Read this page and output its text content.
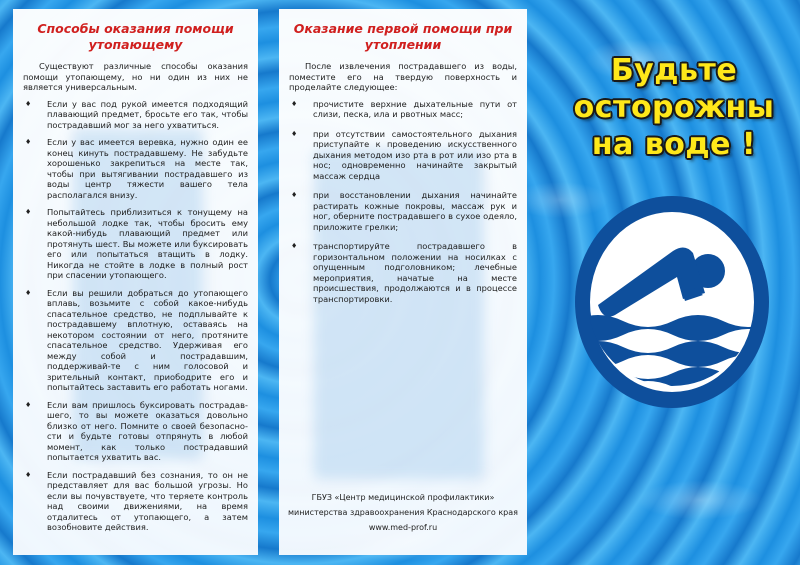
Способы оказания помощи
утопающему
Существуют различные способы оказания помощи утопающему, но ни один из них не является универсальным.
♦ Если у вас под рукой имеется подходящий плавающий предмет, бросьте его так, чтобы пострадавший мог за него ухватиться.
♦ Если у вас имеется веревка, нужно один ее конец кинуть пострадавшему. Не забудьте хорошенько закрепиться на месте так, чтобы при вытягивании пострадавшего из воды центр тяжести вашего тела располагался внизу.
♦ Попытайтесь приблизиться к тонущему на небольшой лодке так, чтобы бросить ему какой-нибудь плавающий предмет или протянуть шест. Вы можете или буксировать его или попытаться втащить в лодку. Никогда не стойте в лодке в полный рост при спасении утопающего.
♦ Если вы решили добраться до утопающего вплавь, возьмите с собой какое-нибудь спасательное средство, не подплывайте к пострадавшему вплотную, оставаясь на некотором состоянии от него, протяните спасательное средство. Удерживая его между собой и пострадавшим, поддерживай-те с ним голосовой и зрительный контакт, приободрите его и попытайтесь заставить его работать ногами.
♦ Если вам пришлось буксировать пострадав-шего, то вы можете оказаться довольно близко от него. Помните о своей безопасно-сти и будьте готовы отпрянуть в любой момент, как только пострадавший попытается ухватить вас.
♦ Если пострадавший без сознания, то он не представляет для вас большой угрозы. Но если вы почувствуете, что теряете контроль над своими движениями, на время отдалитесь от утопающего, а затем возобновите действия.
Оказание первой помощи при
утоплении
После извлечения пострадавшего из воды, поместите его на твердую поверхность и проделайте следующее:
♦ прочистите верхние дыхательные пути от слизи, песка, ила и рвотных масс;
♦ при отсутствии самостоятельного дыхания приступайте к проведению искусственного дыхания методом изо рта в рот или изо рта в нос; одновременно начинайте закрытый массаж сердца
♦ при восстановлении дыхания начинайте растирать кожные покровы, массаж рук и ног, оберните пострадавшего в сухое одеяло, приложите грелки;
♦ транспортируйте пострадавшего в горизонтальном положении на носилках с опущенным подголовником; лечебные мероприятия, начатые на месте происшествия, продолжаются и в процессе транспортировки.
ГБУЗ «Центр медицинской профилактики»
министерства здравоохранения Краснодарского края
www.med-prof.ru
Будьте
осторожны
на воде !
